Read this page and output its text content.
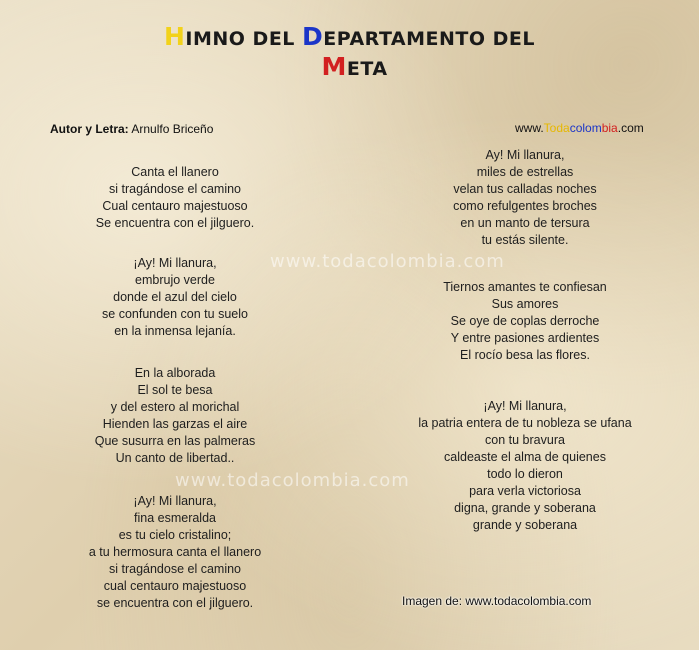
HIMNO DEL DEPARTAMENTO DEL
META
Autor y Letra: Arnulfo Briceño	www.Todacolombia.com
www.todacolombia.com
www.todacolombia.com
Canta el llanero
si tragándose el camino
Cual centauro majestuoso
Se encuentra con el jilguero.
¡Ay! Mi llanura,
embrujo verde
donde el azul del cielo
se confunden con tu suelo
en la inmensa lejanía.
En la alborada
El sol te besa
y del estero al morichal
Hienden las garzas el aire
Que susurra en las palmeras
Un canto de libertad..
¡Ay! Mi llanura,
fina esmeralda
es tu cielo cristalino;
a tu hermosura canta el llanero
si tragándose el camino
cual centauro majestuoso
se encuentra con el jilguero.
Ay! Mi llanura,
miles de estrellas
velan tus calladas noches
como refulgentes broches
en un manto de tersura
tu estás silente.
Tiernos amantes te confiesan
Sus amores
Se oye de coplas derroche
Y entre pasiones ardientes
El rocío besa las flores.
¡Ay! Mi llanura,
la patria entera de tu nobleza se ufana
con tu bravura
caldeaste el alma de quienes
todo lo dieron
para verla victoriosa
digna, grande y soberana
grande y soberana
Imagen de: www.todacolombia.com
